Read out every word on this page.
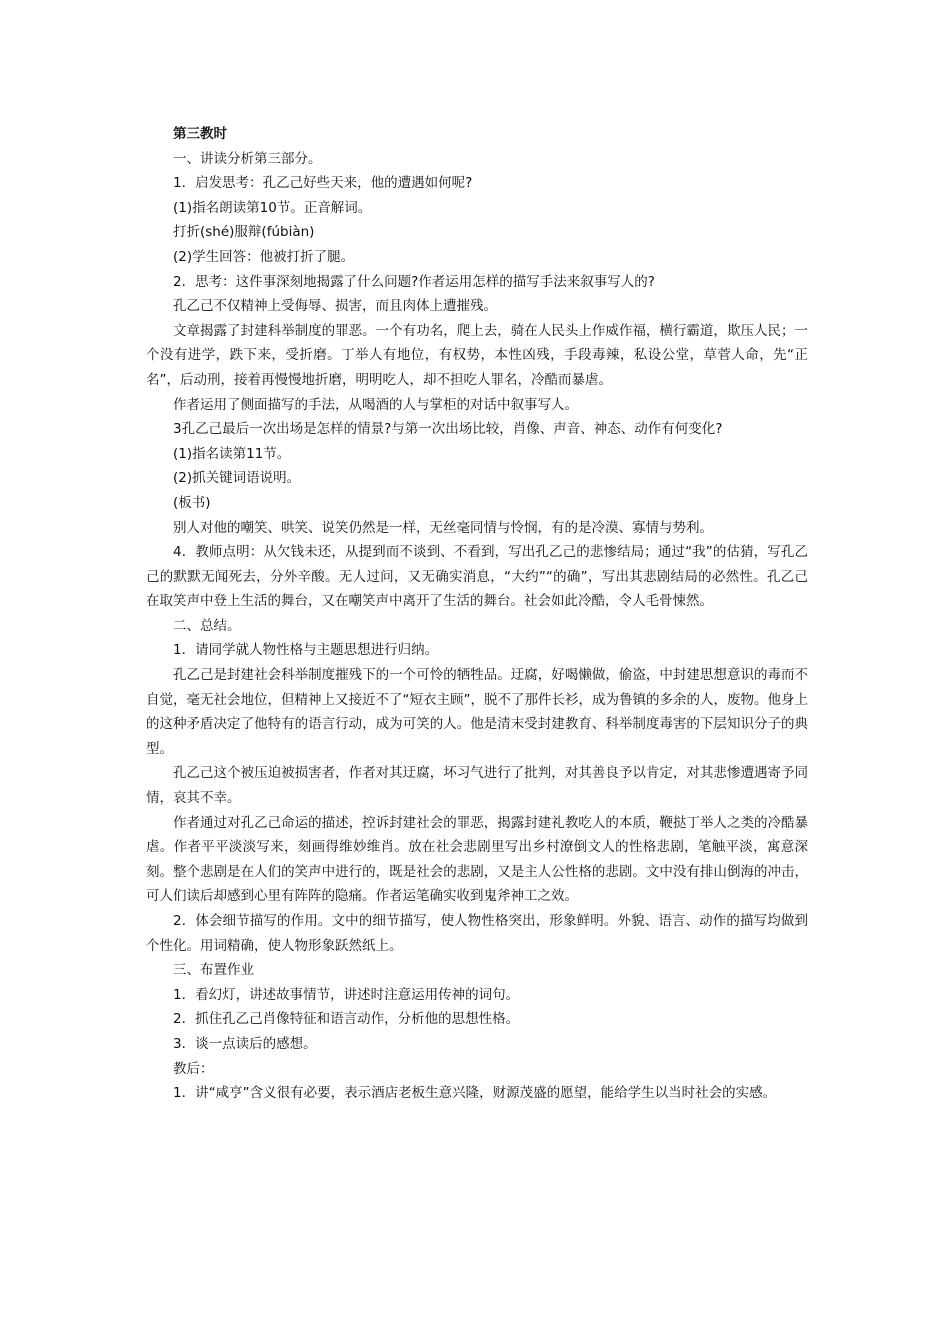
第三教时

一、讲读分析第三部分。

1．启发思考：孔乙己好些天来，他的遭遇如何呢?

(1)指名朗读第10节。正音解词。

打折(shé)服辩(fúbiàn)

(2)学生回答：他被打折了腿。

2．思考：这件事深刻地揭露了什么问题?作者运用怎样的描写手法来叙事写人的?

孔乙己不仅精神上受侮辱、损害，而且肉体上遭摧残。

文章揭露了封建科举制度的罪恶。一个有功名，爬上去，骑在人民头上作威作福，横行霸道，欺压人民；一个没有进学，跌下来，受折磨。丁举人有地位，有权势，本性凶残，手段毒辣，私设公堂，草菅人命，先“正名”，后动刑，接着再慢慢地折磨，明明吃人，却不担吃人罪名，冷酷而暴虐。

作者运用了侧面描写的手法，从喝酒的人与掌柜的对话中叙事写人。

3孔乙己最后一次出场是怎样的情景?与第一次出场比较，肖像、声音、神态、动作有何变化?

(1)指名读第11节。

(2)抓关键词语说明。

(板书)

别人对他的嘲笑、哄笑、说笑仍然是一样，无丝毫同情与怜悯，有的是冷漠、寡情与势利。

4．教师点明：从欠钱未还，从提到而不谈到、不看到，写出孔乙己的悲惨结局；通过“我”的估猜，写孔乙己的默默无闻死去，分外辛酸。无人过问，又无确实消息，“大约”“的确”，写出其悲剧结局的必然性。孔乙己在取笑声中登上生活的舞台，又在嘲笑声中离开了生活的舞台。社会如此冷酷，令人毛骨悚然。

二、总结。

1．请同学就人物性格与主题思想进行归纳。

孔乙己是封建社会科举制度摧残下的一个可怜的牺牲品。迂腐，好喝懒做，偷盗，中封建思想意识的毒而不自觉，毫无社会地位，但精神上又接近不了“短衣主顾”，脱不了那件长衫，成为鲁镇的多余的人，废物。他身上的这种矛盾决定了他特有的语言行动，成为可笑的人。他是清末受封建教育、科举制度毒害的下层知识分子的典型。

孔乙己这个被压迫被损害者，作者对其迂腐，坏习气进行了批判，对其善良予以肯定，对其悲惨遭遇寄予同情，哀其不幸。

作者通过对孔乙己命运的描述，控诉封建社会的罪恶，揭露封建礼教吃人的本质，鞭挞丁举人之类的冷酷暴虐。作者平平淡淡写来，刻画得维妙维肖。放在社会悲剧里写出乡村潦倒文人的性格悲剧，笔触平淡，寓意深刻。整个悲剧是在人们的笑声中进行的，既是社会的悲剧，又是主人公性格的悲剧。文中没有排山倒海的冲击，可人们读后却感到心里有阵阵的隐痛。作者运笔确实收到鬼斧神工之效。

2．体会细节描写的作用。文中的细节描写，使人物性格突出，形象鲜明。外貌、语言、动作的描写均做到个性化。用词精确，使人物形象跃然纸上。

三、布置作业

1．看幻灯，讲述故事情节，讲述时注意运用传神的词句。

2．抓住孔乙己肖像特征和语言动作，分析他的思想性格。

3．谈一点读后的感想。

教后：

1．讲“咸亨”含义很有必要，表示酒店老板生意兴隆，财源茂盛的愿望，能给学生以当时社会的实感。
